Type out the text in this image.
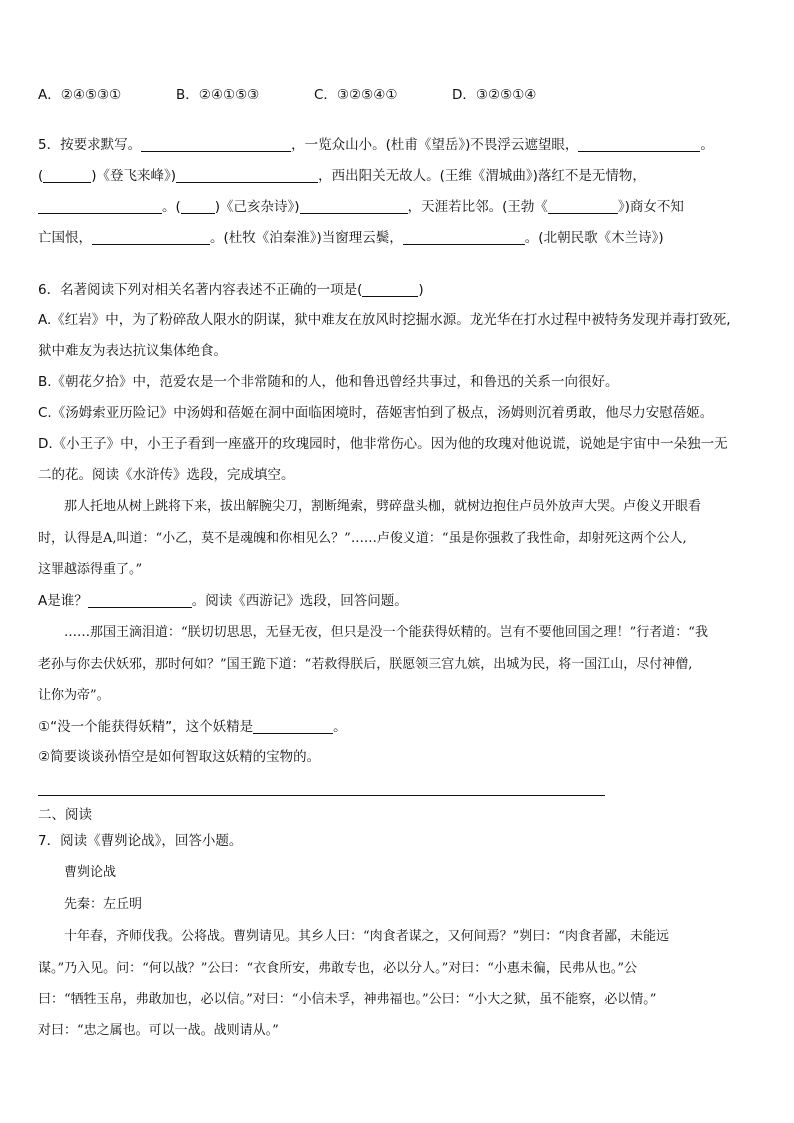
A．②④⑤③①	B．②④①⑤③	C．③②⑤④①	D．③②⑤①④
5．按要求默写。	，一览众山小。(杜甫《望岳》)不畏浮云遮望眼，	。
(	)《登飞来峰》)	，西出阳关无故人。(王维《渭城曲》)落红不是无情物，
。(	)《己亥杂诗》)	，天涯若比邻。(王勃《	》)商女不知
亡国恨，	。(杜牧《泊秦淮》)当窗理云鬓，	。(北朝民歌《木兰诗》)
6．名著阅读下列对相关名著内容表述不正确的一项是(	)
A.《红岩》中，为了粉碎敌人限水的阴谋，狱中难友在放风时挖掘水源。龙光华在打水过程中被特务发现并毒打致死,
狱中难友为表达抗议集体绝食。
B.《朝花夕拾》中，范爱农是一个非常随和的人，他和鲁迅曾经共事过，和鲁迅的关系一向很好。
C.《汤姆索亚历险记》中汤姆和蓓姬在洞中面临困境时，蓓姬害怕到了极点，汤姆则沉着勇敢，他尽力安慰蓓姬。
D.《小王子》中，小王子看到一座盛开的玫瑰园时，他非常伤心。因为他的玫瑰对他说谎，说她是宇宙中一朵独一无
二的花。阅读《水浒传》选段，完成填空。
那人托地从树上跳将下来，拔出解腕尖刀，割断绳索，劈碎盘头枷，就树边抱住卢员外放声大哭。卢俊义开眼看
时，认得是A,叫道：“小乙，莫不是魂魄和你相见么？”……卢俊义道：“虽是你强救了我性命，却射死这两个公人,
这罪越添得重了。”
A是谁？	。阅读《西游记》选段，回答问题。
……那国王滴泪道：“朕切切思思，无昼无夜，但只是没一个能获得妖精的。岂有不要他回国之理！”行者道：“我
老孙与你去伏妖邪，那时何如？”国王跪下道：“若救得朕后，朕愿领三宫九嫔，出城为民，将一国江山，尽付神僧,
让你为帝”。
①“没一个能获得妖精”，这个妖精是	。
②简要谈谈孙悟空是如何智取这妖精的宝物的。
二、阅读
7．阅读《曹刿论战》，回答小题。
曹刿论战
先秦：左丘明
十年春，齐师伐我。公将战。曹刿请见。其乡人曰：“肉食者谋之，又何间焉？”刿曰：“肉食者鄙，未能远
谋。”乃入见。问：“何以战？”公曰：“衣食所安，弗敢专也，必以分人。”对曰：“小惠未徧，民弗从也。”公
曰：“牺牲玉帛，弗敢加也，必以信。”对曰：“小信未孚，神弗福也。”公曰：“小大之狱，虽不能察，必以情。”
对曰：“忠之属也。可以一战。战则请从。”
